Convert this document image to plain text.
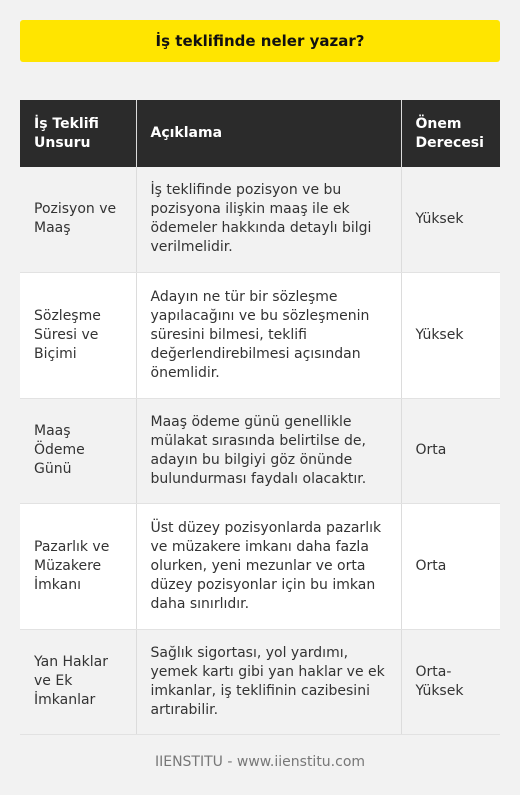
İş teklifinde neler yazar?
İş Teklifi Unsuru	Açıklama	Önem Derecesi
Pozisyon ve Maaş	İş teklifinde pozisyon ve bu pozisyona ilişkin maaş ile ek ödemeler hakkında detaylı bilgi verilmelidir.	Yüksek
Sözleşme Süresi ve Biçimi	Adayın ne tür bir sözleşme yapılacağını ve bu sözleşmenin süresini bilmesi, teklifi değerlendirebilmesi açısından önemlidir.	Yüksek
Maaş Ödeme Günü	Maaş ödeme günü genellikle mülakat sırasında belirtilse de, adayın bu bilgiyi göz önünde bulundurması faydalı olacaktır.	Orta
Pazarlık ve Müzakere İmkanı	Üst düzey pozisyonlarda pazarlık ve müzakere imkanı daha fazla olurken, yeni mezunlar ve orta düzey pozisyonlar için bu imkan daha sınırlıdır.	Orta
Yan Haklar ve Ek İmkanlar	Sağlık sigortası, yol yardımı, yemek kartı gibi yan haklar ve ek imkanlar, iş teklifinin cazibesini artırabilir.	Orta-Yüksek
IIENSTITU - www.iienstitu.com
